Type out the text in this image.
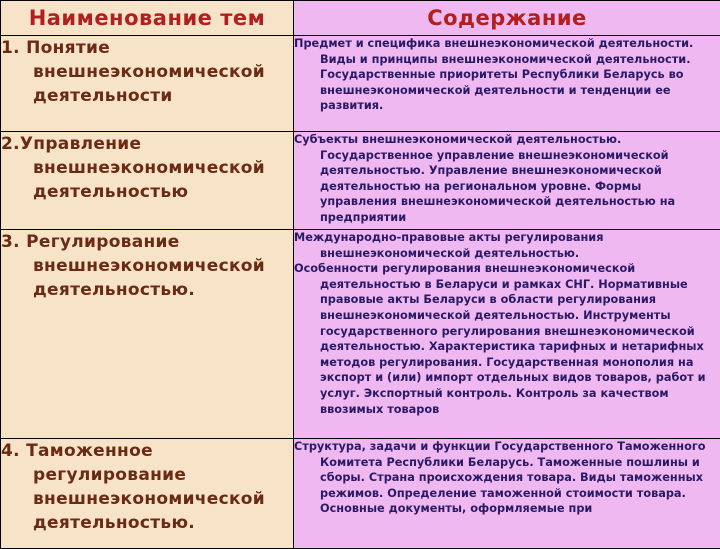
Наименование тем	Содержание

1. Понятие внешнеэкономической деятельности	Предмет и специфика внешнеэкономической деятельности. Виды и принципы внешнеэкономической деятельности. Государственные приоритеты Республики Беларусь во внешнеэкономической деятельности и тенденции ее развития.

2.Управление внешнеэкономической деятельностью	Субъекты внешнеэкономической деятельностью. Государственное управление внешнеэкономической деятельностью. Управление внешнеэкономической деятельностью на региональном уровне. Формы управления внешнеэкономической деятельностью на предприятии

3. Регулирование внешнеэкономической деятельностью.	Международно-правовые акты регулирования внешнеэкономической деятельностью.
Особенности регулирования внешнеэкономической деятельностью в Беларуси и рамках СНГ. Нормативные правовые акты Беларуси в области регулирования внешнеэкономической деятельностью. Инструменты государственного регулирования внешнеэкономической деятельностью. Характеристика тарифных и нетарифных методов регулирования. Государственная монополия на экспорт и (или) импорт отдельных видов товаров, работ и услуг. Экспортный контроль. Контроль за качеством ввозимых товаров

4. Таможенное регулирование внешнеэкономической деятельностью.	Структура, задачи и функции Государственного Таможенного Комитета Республики Беларусь. Таможенные пошлины и сборы. Страна происхождения товара. Виды таможенных режимов. Определение таможенной стоимости товара. Основные документы, оформляемые при
